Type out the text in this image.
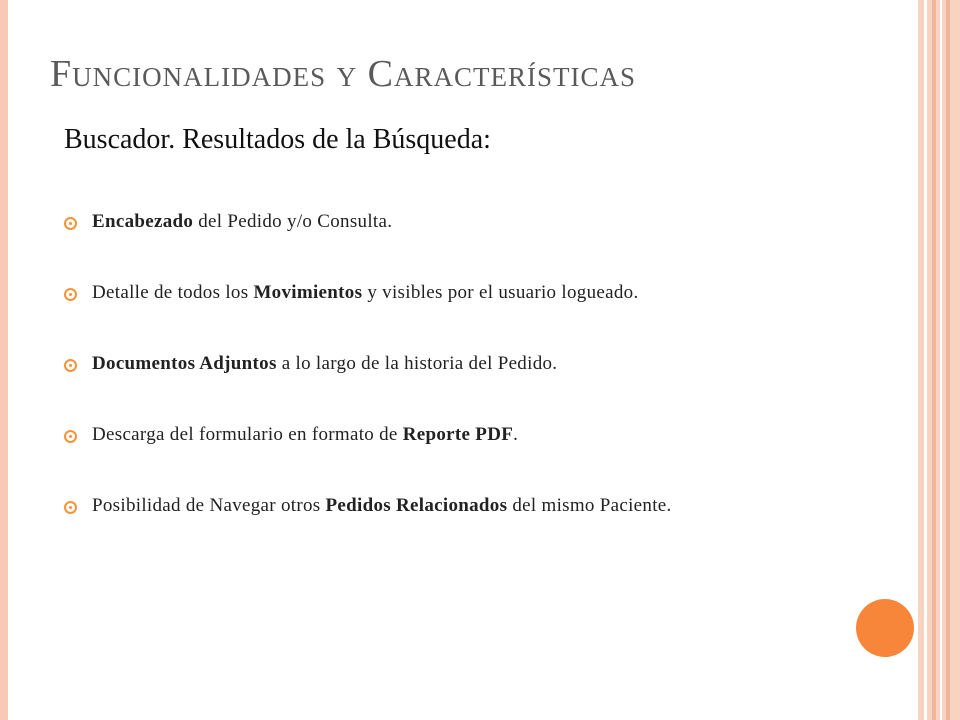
Funcionalidades y Características
Buscador. Resultados de la Búsqueda:
Encabezado del Pedido y/o Consulta.
Detalle de todos los Movimientos y visibles por el usuario logueado.
Documentos Adjuntos a lo largo de la historia del Pedido.
Descarga del formulario en formato de Reporte PDF.
Posibilidad de Navegar otros Pedidos Relacionados del mismo Paciente.
